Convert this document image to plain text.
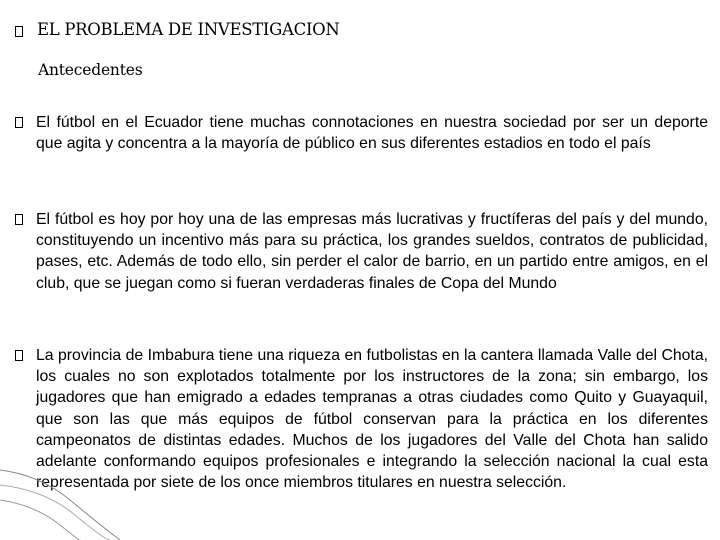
EL PROBLEMA DE INVESTIGACION
Antecedentes
El fútbol en el Ecuador tiene muchas connotaciones en nuestra sociedad por ser un deporte que agita y concentra a la mayoría de público en sus diferentes estadios en todo el país
El fútbol es hoy por hoy una de las empresas más lucrativas y fructíferas del país y del mundo, constituyendo un incentivo más para su práctica, los grandes sueldos, contratos de publicidad, pases, etc. Además de todo ello, sin perder el calor de barrio, en un partido entre amigos, en el club, que se juegan como si fueran verdaderas finales de Copa del Mundo
La provincia de Imbabura tiene una riqueza en futbolistas en la cantera llamada Valle del Chota, los cuales no son explotados totalmente por los instructores de la zona; sin embargo, los jugadores que han emigrado a edades tempranas a otras ciudades como Quito y Guayaquil, que son las que más equipos de fútbol conservan para la práctica en los diferentes campeonatos de distintas edades. Muchos de los jugadores del Valle del Chota han salido adelante conformando equipos profesionales e integrando la selección nacional la cual esta representada por siete de los once miembros titulares en nuestra selección.
